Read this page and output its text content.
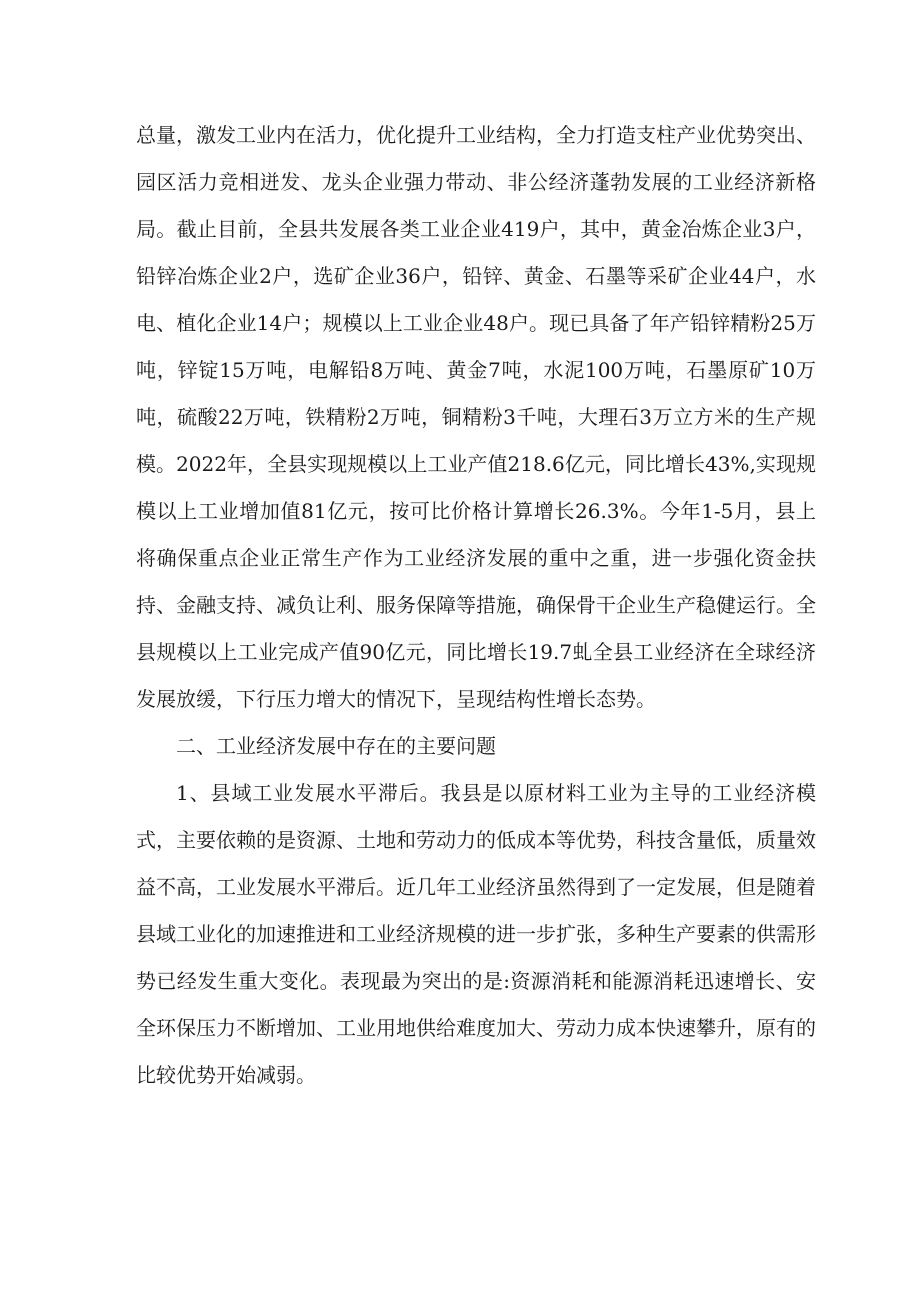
总量，激发工业内在活力，优化提升工业结构，全力打造支柱产业优势突出、园区活力竞相迸发、龙头企业强力带动、非公经济蓬勃发展的工业经济新格局。截止目前，全县共发展各类工业企业419户，其中，黄金冶炼企业3户，铅锌冶炼企业2户，选矿企业36户，铅锌、黄金、石墨等采矿企业44户，水电、植化企业14户；规模以上工业企业48户。现已具备了年产铅锌精粉25万吨，锌锭15万吨，电解铅8万吨、黄金7吨，水泥100万吨，石墨原矿10万吨，硫酸22万吨，铁精粉2万吨，铜精粉3千吨，大理石3万立方米的生产规模。2022年，全县实现规模以上工业产值218.6亿元，同比增长43%,实现规模以上工业增加值81亿元，按可比价格计算增长26.3%。今年1-5月，县上将确保重点企业正常生产作为工业经济发展的重中之重，进一步强化资金扶持、金融支持、减负让利、服务保障等措施，确保骨干企业生产稳健运行。全县规模以上工业完成产值90亿元，同比增长19.7虬全县工业经济在全球经济发展放缓，下行压力增大的情况下，呈现结构性增长态势。

二、工业经济发展中存在的主要问题

1、县域工业发展水平滞后。我县是以原材料工业为主导的工业经济模式，主要依赖的是资源、土地和劳动力的低成本等优势，科技含量低，质量效益不高，工业发展水平滞后。近几年工业经济虽然得到了一定发展，但是随着县域工业化的加速推进和工业经济规模的进一步扩张，多种生产要素的供需形势已经发生重大变化。表现最为突出的是:资源消耗和能源消耗迅速增长、安全环保压力不断增加、工业用地供给难度加大、劳动力成本快速攀升，原有的比较优势开始减弱。
